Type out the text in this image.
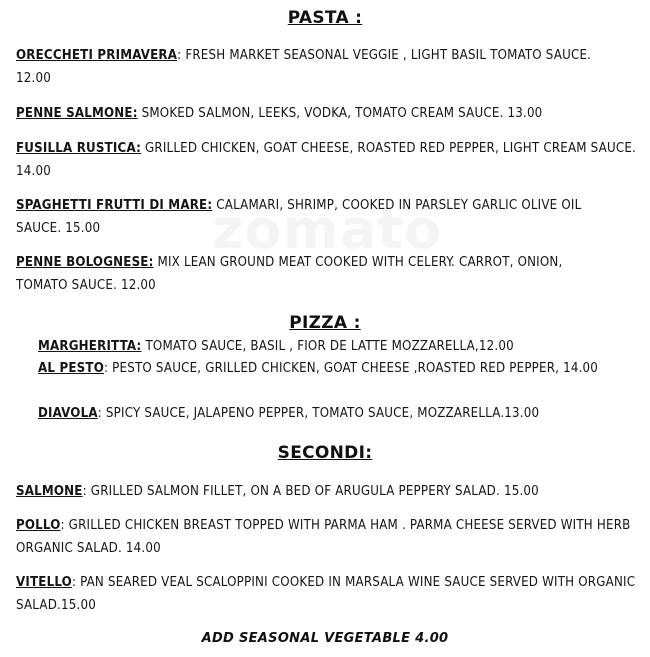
PASTA :
ORECCHETI PRIMAVERA: FRESH MARKET SEASONAL VEGGIE , LIGHT BASIL TOMATO SAUCE. 12.00
PENNE SALMONE: SMOKED SALMON, LEEKS, VODKA, TOMATO CREAM SAUCE. 13.00
FUSILLA RUSTICA: GRILLED CHICKEN, GOAT CHEESE, ROASTED RED PEPPER, LIGHT CREAM SAUCE. 14.00
SPAGHETTI FRUTTI DI MARE: CALAMARI, SHRIMP, COOKED IN PARSLEY GARLIC OLIVE OIL SAUCE. 15.00
PENNE BOLOGNESE: MIX LEAN GROUND MEAT COOKED WITH CELERY. CARROT, ONION, TOMATO SAUCE. 12.00
PIZZA :
MARGHERITTA: TOMATO SAUCE, BASIL , FIOR DE LATTE MOZZARELLA,12.00
AL PESTO: PESTO SAUCE, GRILLED CHICKEN, GOAT CHEESE ,ROASTED RED PEPPER, 14.00
DIAVOLA: SPICY SAUCE, JALAPENO PEPPER, TOMATO SAUCE, MOZZARELLA.13.00
SECONDI:
SALMONE: GRILLED SALMON FILLET, ON A BED OF ARUGULA PEPPERY SALAD. 15.00
POLLO: GRILLED CHICKEN BREAST TOPPED WITH PARMA HAM . PARMA CHEESE SERVED WITH HERB ORGANIC SALAD. 14.00
VITELLO: PAN SEARED VEAL SCALOPPINI COOKED IN MARSALA WINE SAUCE SERVED WITH ORGANIC SALAD.15.00
ADD SEASONAL VEGETABLE 4.00
